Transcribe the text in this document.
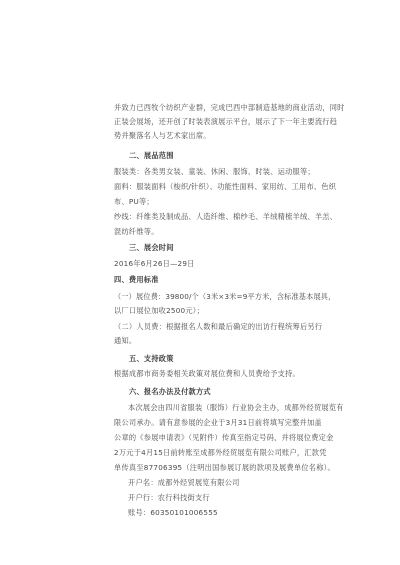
并致力已西牧个纺织产业群，完成巴西中部制造基地的商业活动，同时
正装会展场，还开创了时装表演展示平台，展示了下一年主要流行趋
势并聚落名人与艺术家出席。
二、展品范围
服装类：各类男女装、童装、休闲、服饰、时装、运动服等；
面料：服装面料（梭织/针织）、功能性面料、家用纺、工用布、色织
布、PU等；
纱线：纤维类及制成品、人造纤维、棉纱毛、羊绒精梳羊绒、羊羔、
混纺纤维等。
三、展会时间
2016年6月26日—29日
四、费用标准
（一）展位费：39800/个（3米×3米=9平方米，含标准基本展具，
以厂口展位加收2500元）；
（二）人员费：根据报名人数和最后确定的出访行程统筹后另行
通知。
五、支持政策
根据成都市商务委相关政策对展位费和人员费给予支持。
六、报名办法及付款方式
本次展会由四川省服装（服饰）行业协会主办，成都外经贸展览有
限公司承办。请有意参展的企业于3月31日前将填写完整并加盖
公章的《参展申请表》（见附件）传真至指定号码，并将展位费定金
2万元于4月15日前转账至成都外经贸展览有限公司账户，汇款凭
单传真至87706395（注明出国参展订展的款项及展费单位名称）。
开户名：成都外经贸展览有限公司
开户行：农行科技街支行
账号：60350101006555
